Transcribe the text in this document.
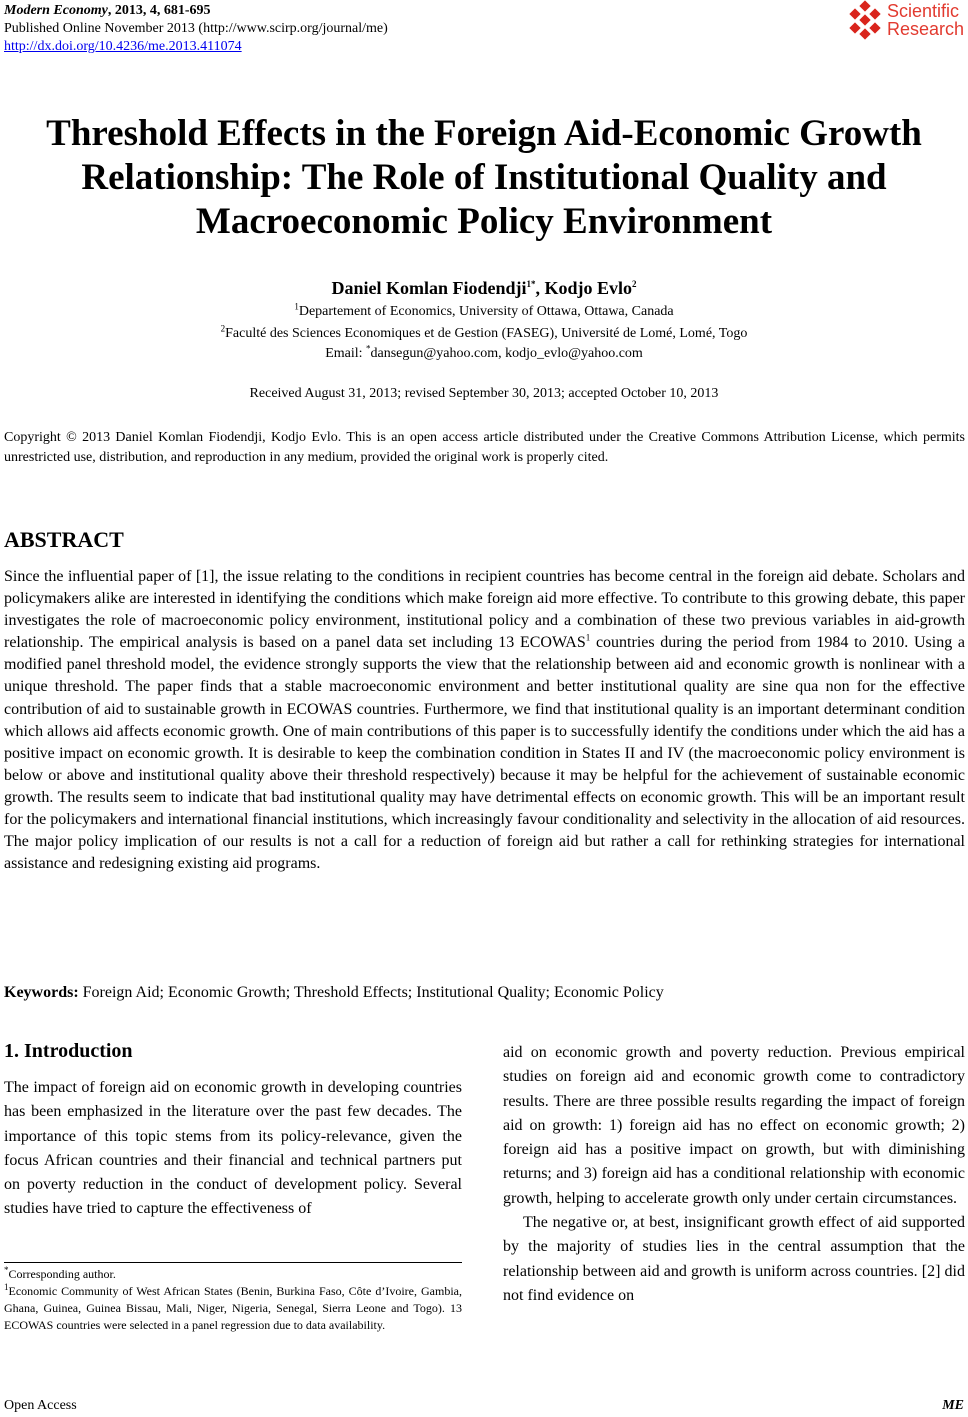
Modern Economy, 2013, 4, 681-695
Published Online November 2013 (http://www.scirp.org/journal/me)
http://dx.doi.org/10.4236/me.2013.411074
Scientific
Research
Threshold Effects in the Foreign Aid-Economic Growth Relationship: The Role of Institutional Quality and Macroeconomic Policy Environment
Daniel Komlan Fiodendji$^{1*}$, Kodjo Evlo$^2$
$^1$Departement of Economics, University of Ottawa, Ottawa, Canada
$^2$Faculté des Sciences Economiques et de Gestion (FASEG), Université de Lomé, Lomé, Togo
Email: *dansegun@yahoo.com, kodjo_evlo@yahoo.com
Received August 31, 2013; revised September 30, 2013; accepted October 10, 2013
Copyright © 2013 Daniel Komlan Fiodendji, Kodjo Evlo. This is an open access article distributed under the Creative Commons Attribution License, which permits unrestricted use, distribution, and reproduction in any medium, provided the original work is properly cited.
ABSTRACT
Since the influential paper of [1], the issue relating to the conditions in recipient countries has become central in the foreign aid debate. Scholars and policymakers alike are interested in identifying the conditions which make foreign aid more effective. To contribute to this growing debate, this paper investigates the role of macroeconomic policy environment, institutional policy and a combination of these two previous variables in aid-growth relationship. The empirical analysis is based on a panel data set including 13 ECOWAS$^1$ countries during the period from 1984 to 2010. Using a modified panel threshold model, the evidence strongly supports the view that the relationship between aid and economic growth is nonlinear with a unique threshold. The paper finds that a stable macroeconomic environment and better institutional quality are sine qua non for the effective contribution of aid to sustainable growth in ECOWAS countries. Furthermore, we find that institutional quality is an important determinant condition which allows aid affects economic growth. One of main contributions of this paper is to successfully identify the conditions under which the aid has a positive impact on economic growth. It is desirable to keep the combination condition in States II and IV (the macroeconomic policy environment is below or above and institutional quality above their threshold respectively) because it may be helpful for the achievement of sustainable economic growth. The results seem to indicate that bad institutional quality may have detrimental effects on economic growth. This will be an important result for the policymakers and international financial institutions, which increasingly favour conditionality and selectivity in the allocation of aid resources. The major policy implication of our results is not a call for a reduction of foreign aid but rather a call for rethinking strategies for international assistance and redesigning existing aid programs.
Keywords: Foreign Aid; Economic Growth; Threshold Effects; Institutional Quality; Economic Policy
1. Introduction
The impact of foreign aid on economic growth in developing countries has been emphasized in the literature over the past few decades. The importance of this topic stems from its policy-relevance, given the focus African countries and their financial and technical partners put on poverty reduction in the conduct of development policy. Several studies have tried to capture the effectiveness of

aid on economic growth and poverty reduction. Previous empirical studies on foreign aid and economic growth come to contradictory results. There are three possible results regarding the impact of foreign aid on growth: 1) foreign aid has no effect on economic growth; 2) foreign aid has a positive impact on growth, but with diminishing returns; and 3) foreign aid has a conditional relationship with economic growth, helping to accelerate growth only under certain circumstances.

The negative or, at best, insignificant growth effect of aid supported by the majority of studies lies in the central assumption that the relationship between aid and growth is uniform across countries. [2] did not find evidence on

*Corresponding author.

$^1$Economic Community of West African States (Benin, Burkina Faso, Côte d’Ivoire, Gambia, Ghana, Guinea, Guinea Bissau, Mali, Niger, Nigeria, Senegal, Sierra Leone and Togo). 13 ECOWAS countries were selected in a panel regression due to data availability.

Open Access	ME
